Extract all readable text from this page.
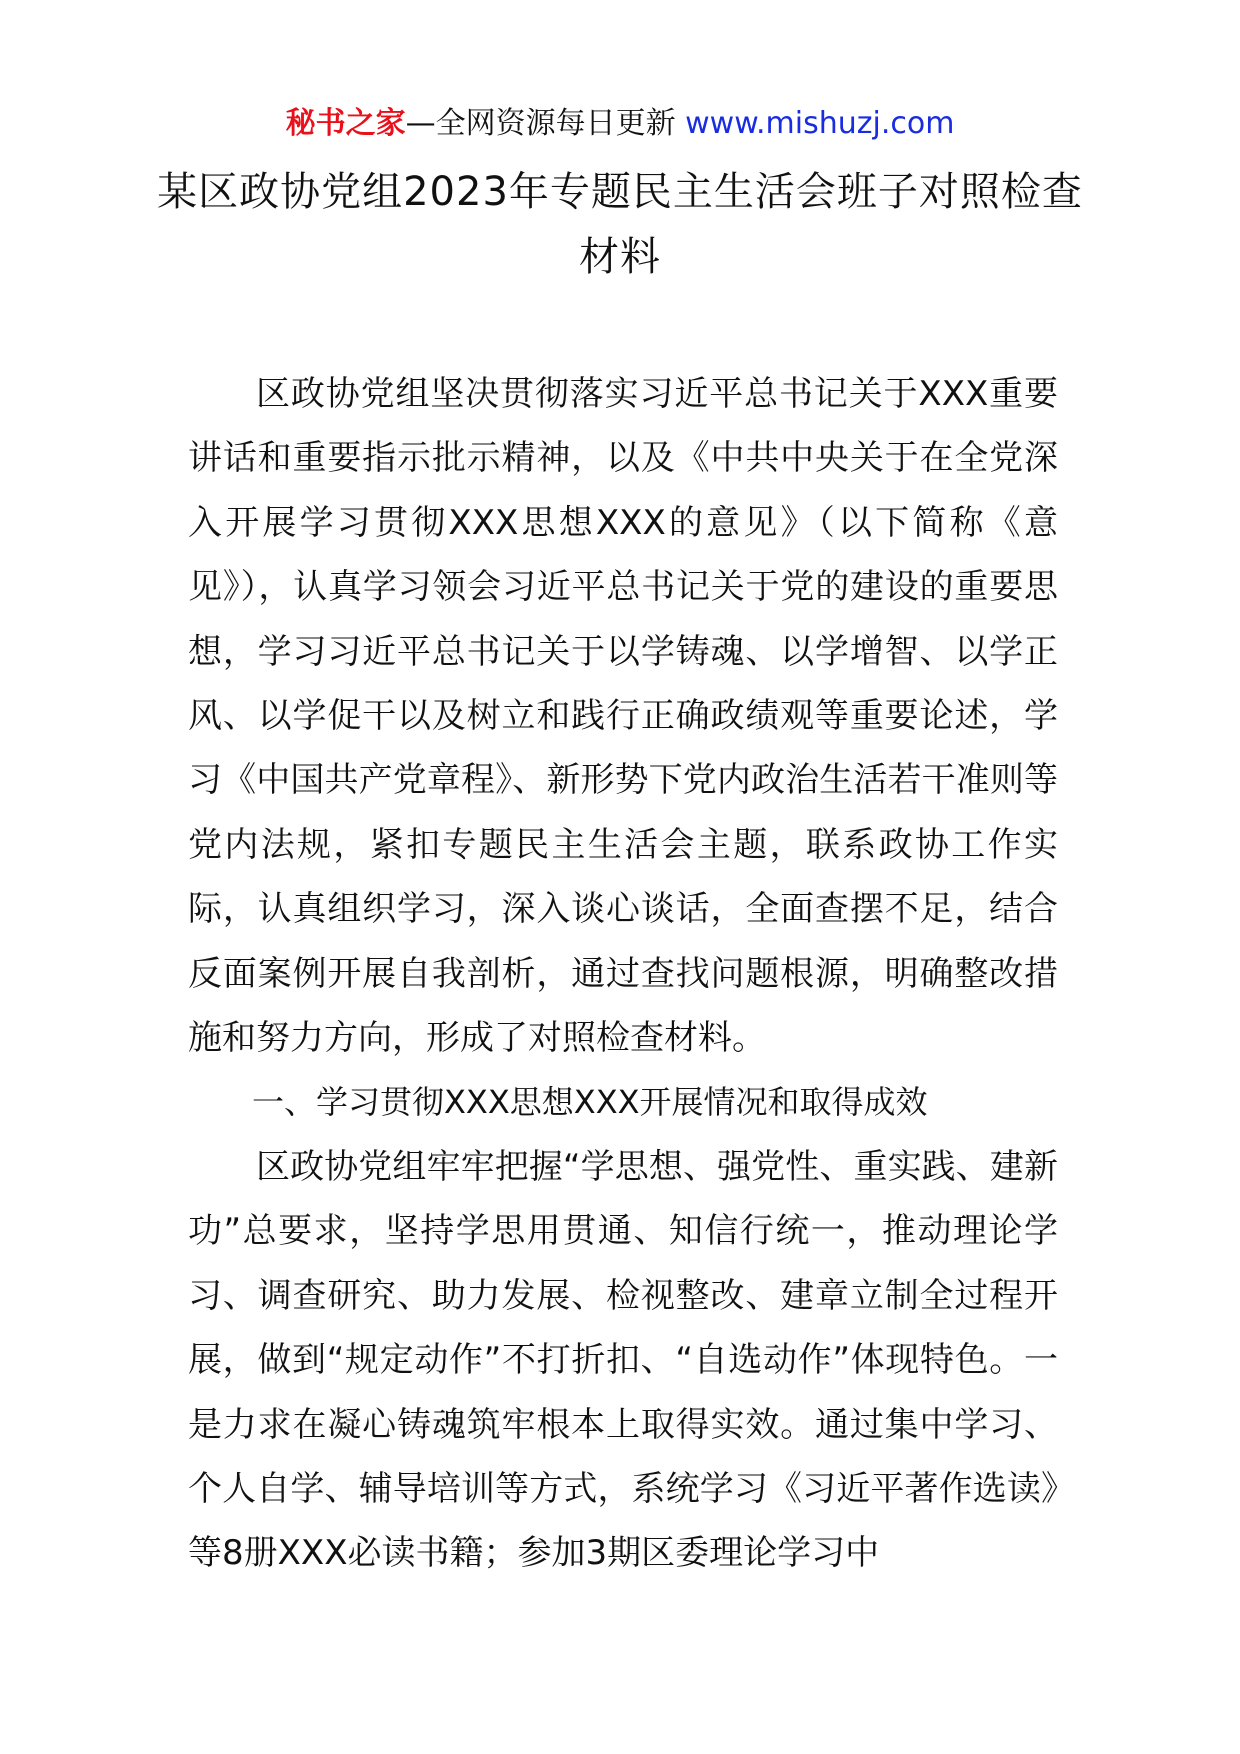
秘书之家—全网资源每日更新 www.mishuzj.com
某区政协党组2023年专题民主生活会班子对照检查材料

区政协党组坚决贯彻落实习近平总书记关于XXX重要讲话和重要指示批示精神，以及《中共中央关于在全党深入开展学习贯彻XXX思想XXX的意见》（以下简称《意见》），认真学习领会习近平总书记关于党的建设的重要思想，学习习近平总书记关于以学铸魂、以学增智、以学正风、以学促干以及树立和践行正确政绩观等重要论述，学习《中国共产党章程》、新形势下党内政治生活若干准则等党内法规，紧扣专题民主生活会主题，联系政协工作实际，认真组织学习，深入谈心谈话，全面查摆不足，结合反面案例开展自我剖析，通过查找问题根源，明确整改措施和努力方向，形成了对照检查材料。

一、学习贯彻XXX思想XXX开展情况和取得成效

区政协党组牢牢把握“学思想、强党性、重实践、建新功”总要求，坚持学思用贯通、知信行统一，推动理论学习、调查研究、助力发展、检视整改、建章立制全过程开展，做到“规定动作”不打折扣、“自选动作”体现特色。一是力求在凝心铸魂筑牢根本上取得实效。通过集中学习、个人自学、辅导培训等方式，系统学习《习近平著作选读》等8册XXX必读书籍；参加3期区委理论学习中
